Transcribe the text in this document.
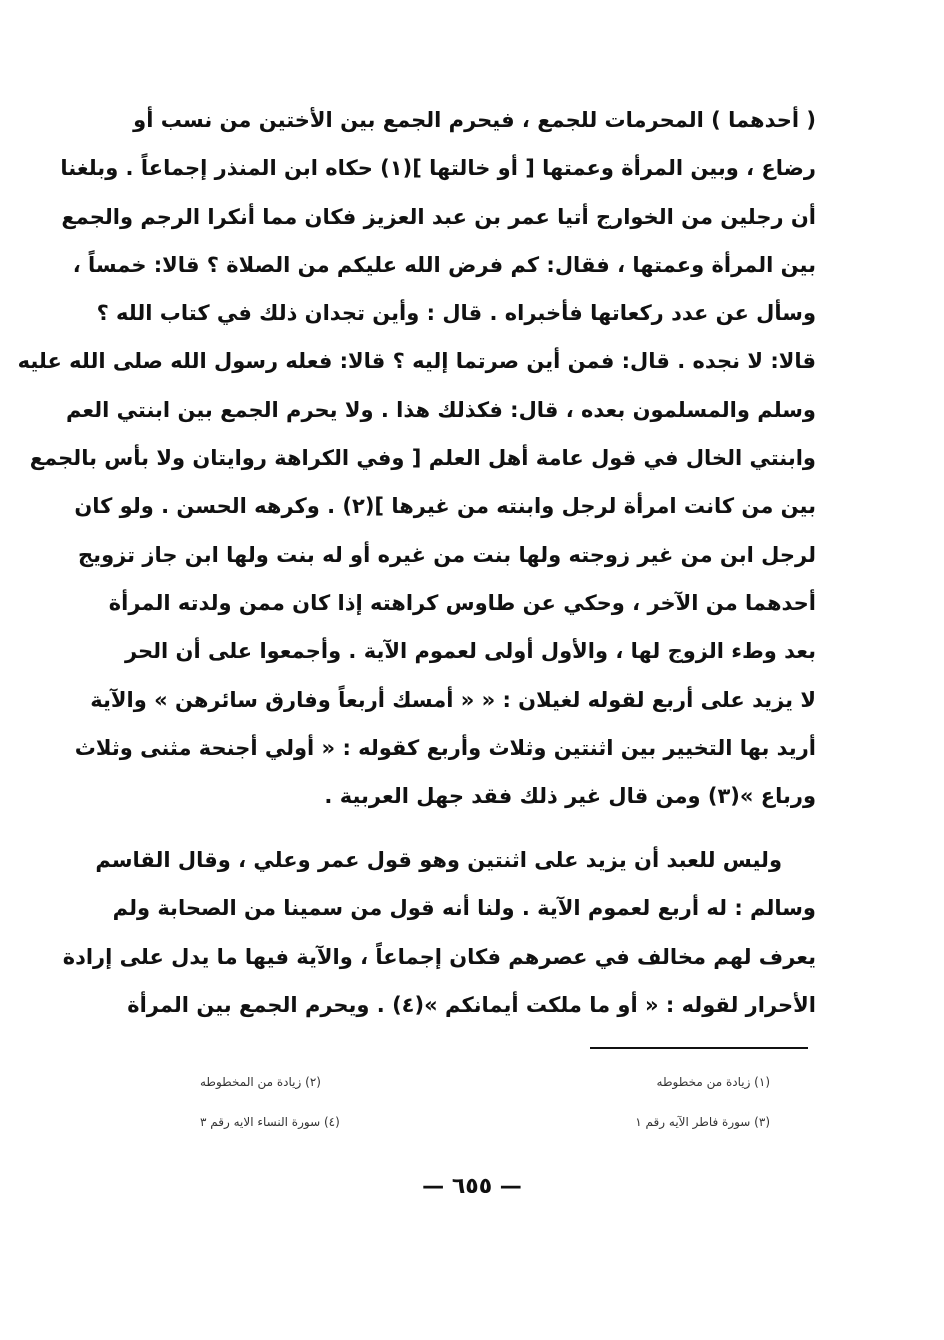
( أحدهما ) المحرمات للجمع ، فيحرم الجمع بين الأختين من نسب أو
رضاع ، وبين المرأة وعمتها [ أو خالتها ](١) حكاه ابن المنذر إجماعاً . وبلغنا
أن رجلين من الخوارج أتيا عمر بن عبد العزيز فكان مما أنكرا الرجم والجمع
بين المرأة وعمتها ، فقال: كم فرض الله عليكم من الصلاة ؟ قالا: خمساً ،
وسأل عن عدد ركعاتها فأخبراه . قال : وأين تجدان ذلك في كتاب الله ؟
قالا: لا نجده . قال: فمن أين صرتما إليه ؟ قالا: فعله رسول الله صلى الله عليه
وسلم والمسلمون بعده ، قال: فكذلك هذا . ولا يحرم الجمع بين ابنتي العم
وابنتي الخال في قول عامة أهل العلم [ وفي الكراهة روايتان ولا بأس بالجمع
بين من كانت امرأة لرجل وابنته من غيرها ](٢) . وكرهه الحسن . ولو كان
لرجل ابن من غير زوجته ولها بنت من غيره أو له بنت ولها ابن جاز تزويج
أحدهما من الآخر ، وحكي عن طاوس كراهته إذا كان ممن ولدته المرأة
بعد وطء الزوج لها ، والأول أولى لعموم الآية . وأجمعوا على أن الحر
لا يزيد على أربع لقوله لغيلان : « « أمسك أربعاً وفارق سائرهن » والآية
أريد بها التخيير بين اثنتين وثلاث وأربع كقوله : « أولي أجنحة مثنى وثلاث
ورباع »(٣) ومن قال غير ذلك فقد جهل العربية .
وليس للعبد أن يزيد على اثنتين وهو قول عمر وعلي ، وقال القاسم
وسالم : له أربع لعموم الآية . ولنا أنه قول من سمينا من الصحابة ولم
يعرف لهم مخالف في عصرهم فكان إجماعاً ، والآية فيها ما يدل على إرادة
الأحرار لقوله : « أو ما ملكت أيمانكم »(٤) . ويحرم الجمع بين المرأة
(١) زيادة من مخطوطه
(٢) زيادة من المخطوطه
(٣) سورة فاطر الآيه رقم ١
(٤) سورة النساء الايه رقم ٣
— ٦٥٥ —
